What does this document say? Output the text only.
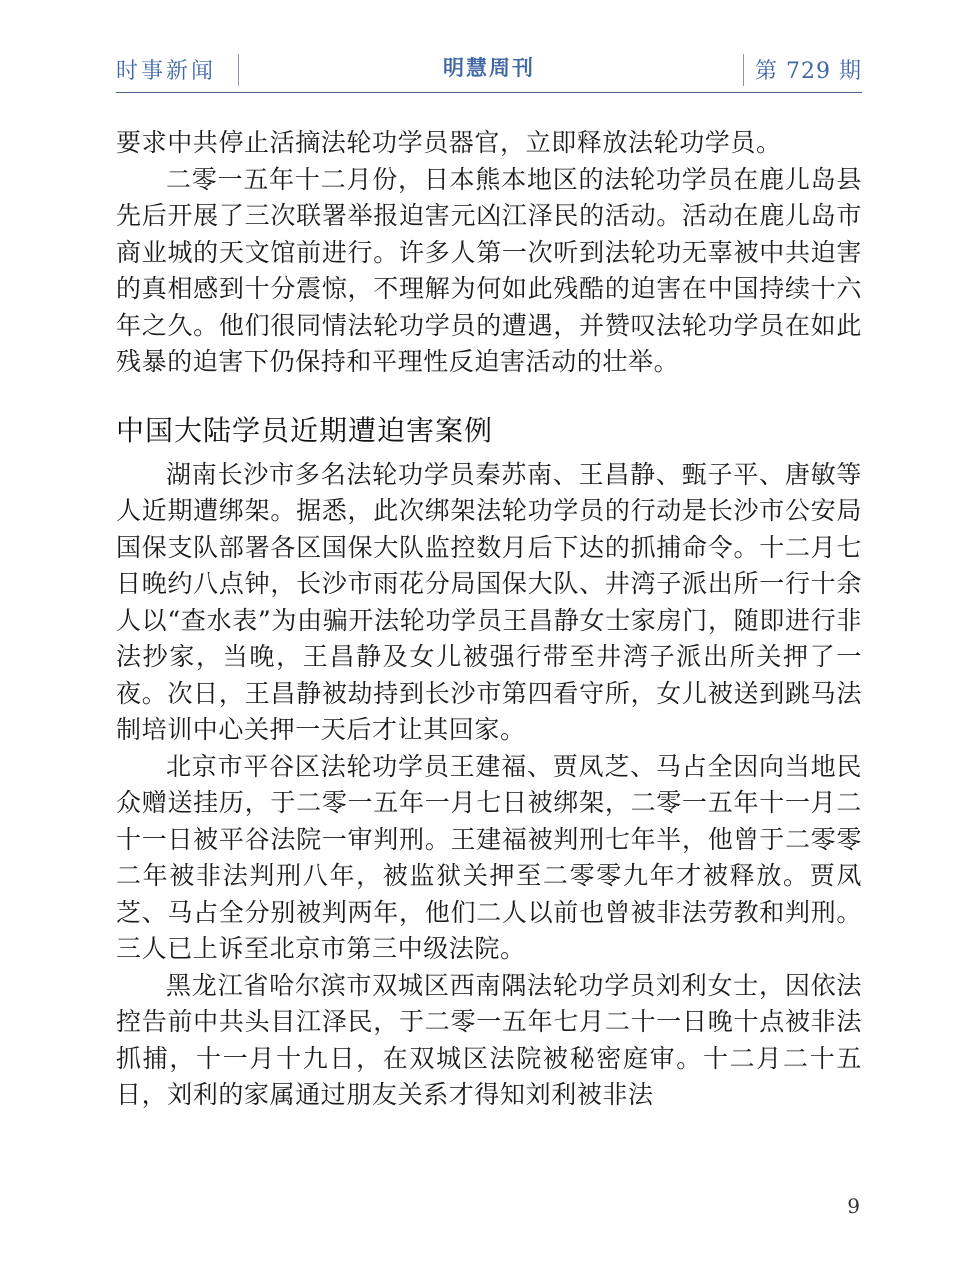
时事新闻	明慧周刊	第 729 期

要求中共停止活摘法轮功学员器官，立即释放法轮功学员。

二零一五年十二月份，日本熊本地区的法轮功学员在鹿儿岛县先后开展了三次联署举报迫害元凶江泽民的活动。活动在鹿儿岛市商业城的天文馆前进行。许多人第一次听到法轮功无辜被中共迫害的真相感到十分震惊，不理解为何如此残酷的迫害在中国持续十六年之久。他们很同情法轮功学员的遭遇，并赞叹法轮功学员在如此残暴的迫害下仍保持和平理性反迫害活动的壮举。

中国大陆学员近期遭迫害案例

湖南长沙市多名法轮功学员秦苏南、王昌静、甄子平、唐敏等人近期遭绑架。据悉，此次绑架法轮功学员的行动是长沙市公安局国保支队部署各区国保大队监控数月后下达的抓捕命令。十二月七日晚约八点钟，长沙市雨花分局国保大队、井湾子派出所一行十余人以“查水表”为由骗开法轮功学员王昌静女士家房门，随即进行非法抄家，当晚，王昌静及女儿被强行带至井湾子派出所关押了一夜。次日，王昌静被劫持到长沙市第四看守所，女儿被送到跳马法制培训中心关押一天后才让其回家。

北京市平谷区法轮功学员王建福、贾凤芝、马占全因向当地民众赠送挂历，于二零一五年一月七日被绑架，二零一五年十一月二十一日被平谷法院一审判刑。王建福被判刑七年半，他曾于二零零二年被非法判刑八年，被监狱关押至二零零九年才被释放。贾凤芝、马占全分别被判两年，他们二人以前也曾被非法劳教和判刑。三人已上诉至北京市第三中级法院。

黑龙江省哈尔滨市双城区西南隅法轮功学员刘利女士，因依法控告前中共头目江泽民，于二零一五年七月二十一日晚十点被非法抓捕，十一月十九日，在双城区法院被秘密庭审。十二月二十五日，刘利的家属通过朋友关系才得知刘利被非法

9
